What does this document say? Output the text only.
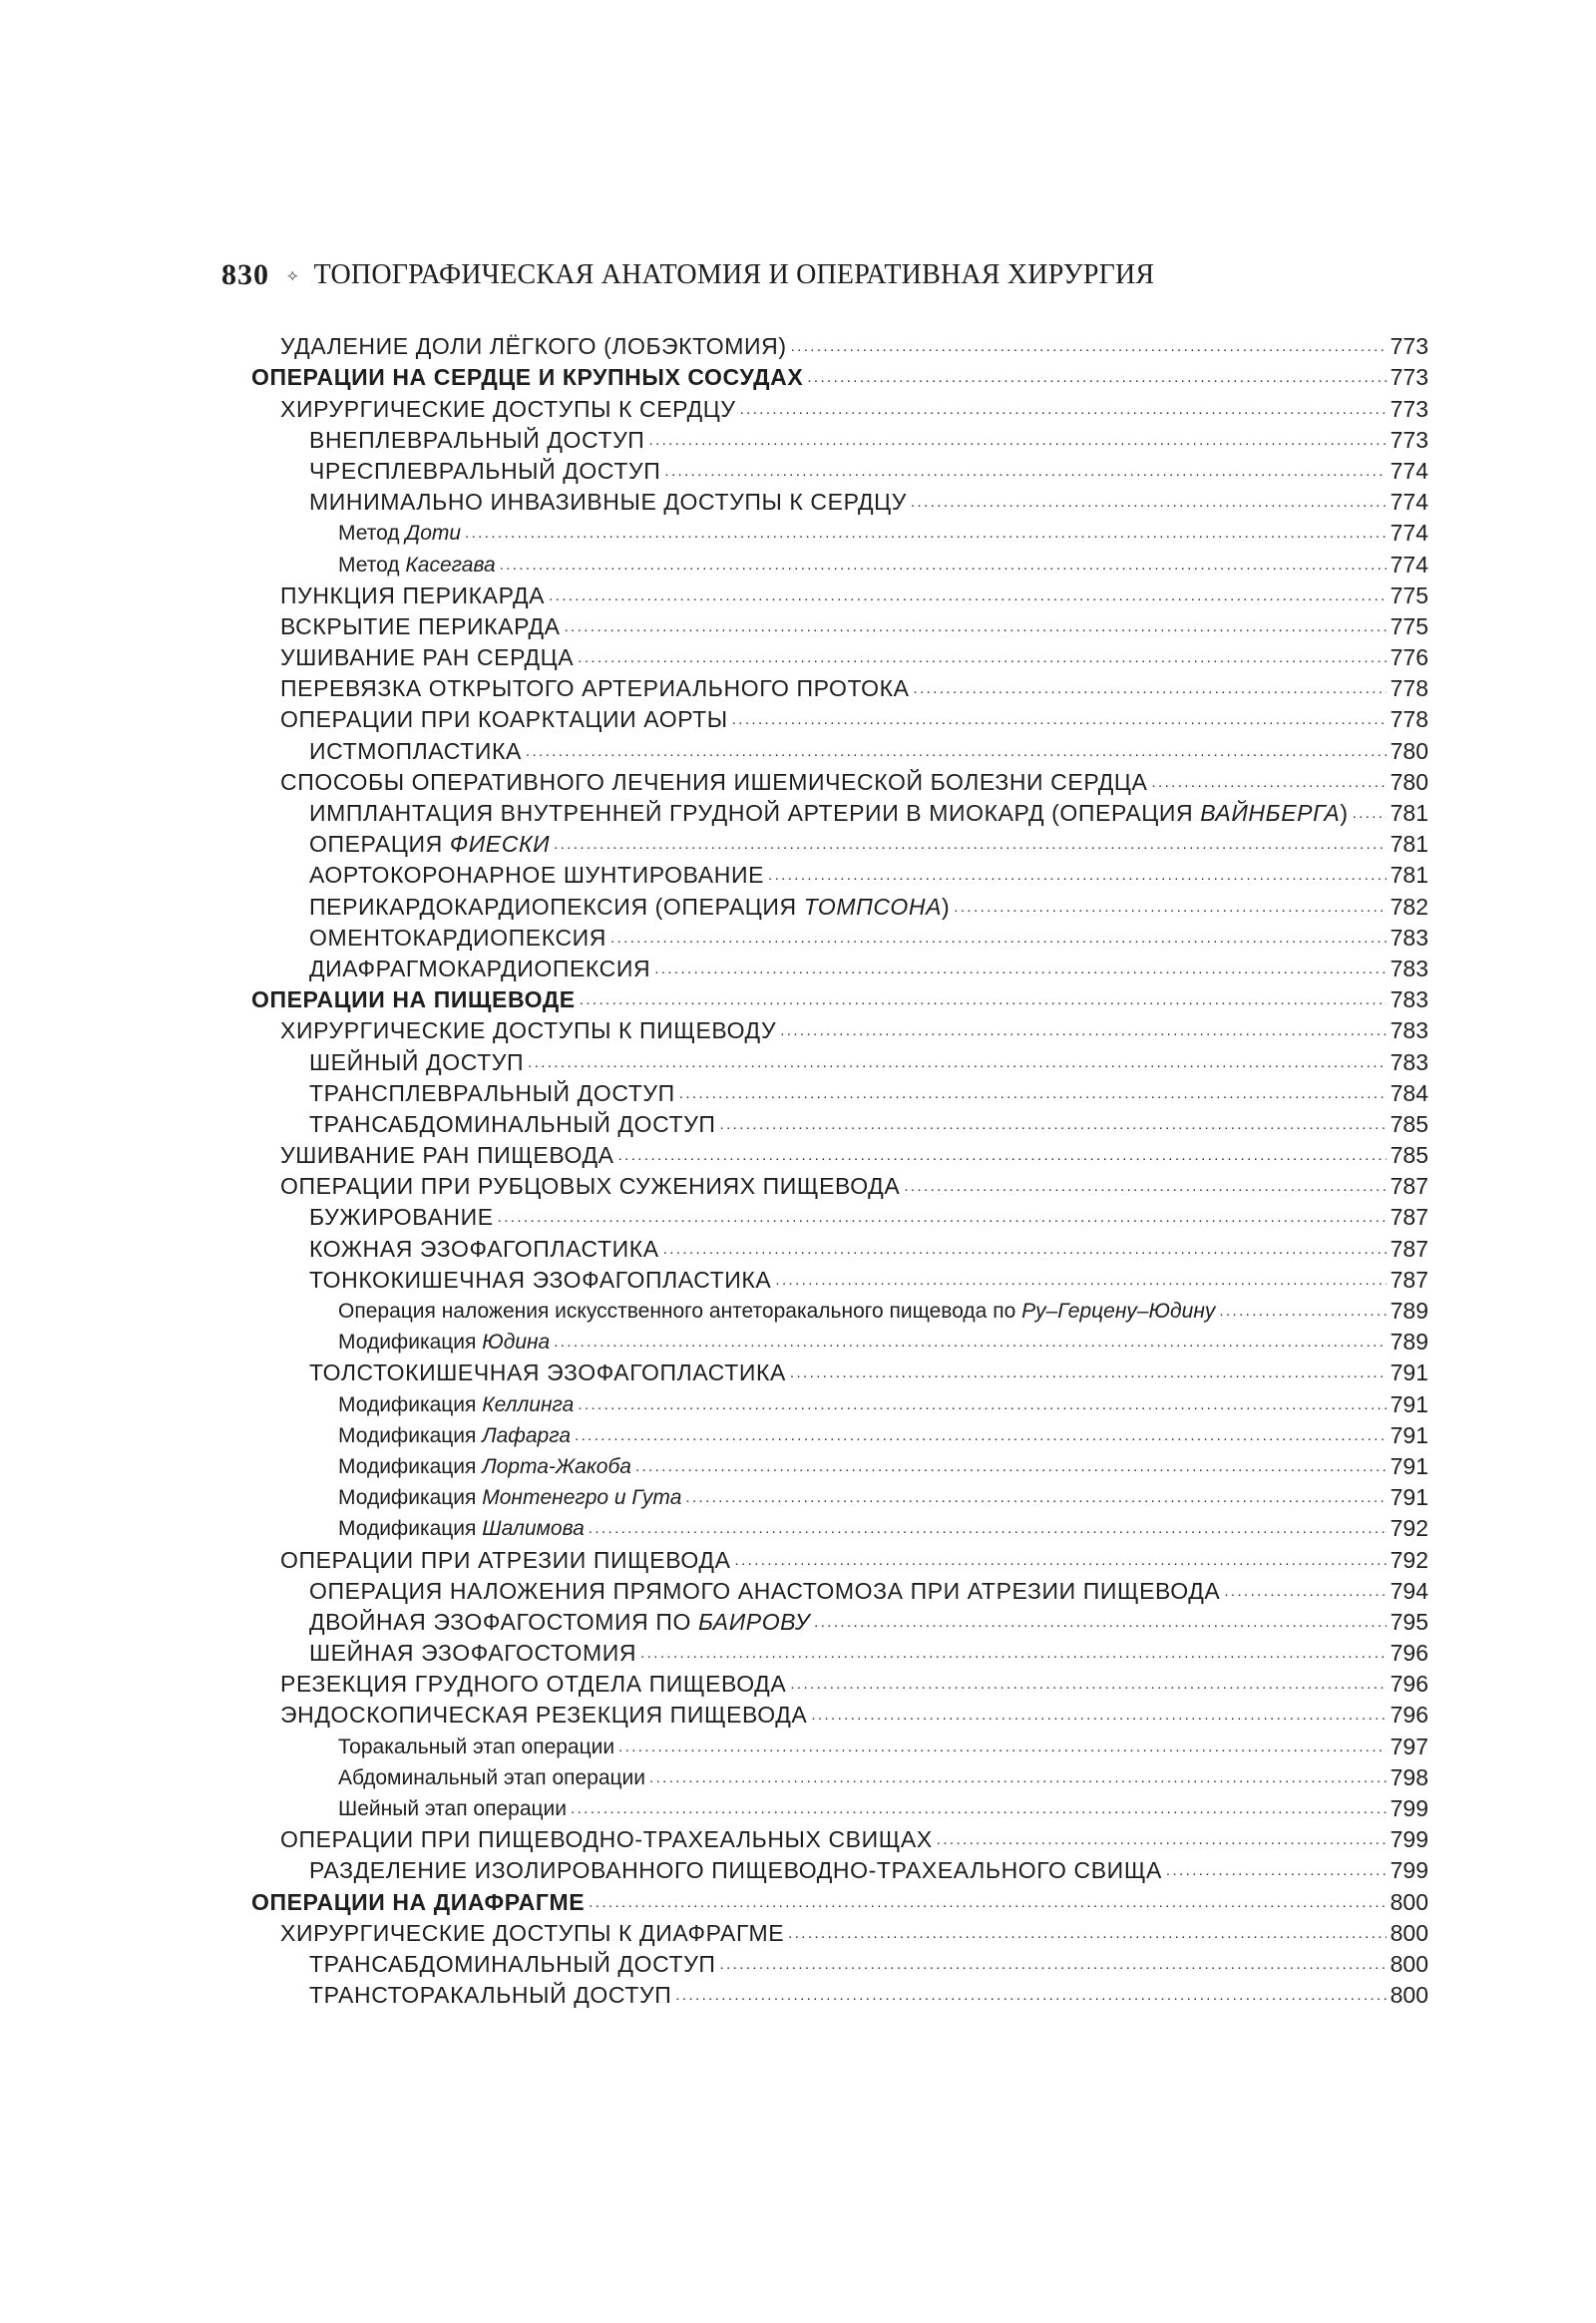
830 ⟡ ТОПОГРАФИЧЕСКАЯ АНАТОМИЯ И ОПЕРАТИВНАЯ ХИРУРГИЯ
УДАЛЕНИЕ ДОЛИ ЛЁГКОГО (ЛОБЭКТОМИЯ) .....	773
ОПЕРАЦИИ НА СЕРДЦЕ И КРУПНЫХ СОСУДАХ .....	773
ХИРУРГИЧЕСКИЕ ДОСТУПЫ К СЕРДЦУ .....	773
ВНЕПЛЕВРАЛЬНЫЙ ДОСТУП .....	773
ЧРЕСПЛЕВРАЛЬНЫЙ ДОСТУП .....	774
МИНИМАЛЬНО ИНВАЗИВНЫЕ ДОСТУПЫ К СЕРДЦУ .....	774
Метод Доти .....	774
Метод Касегава .....	774
ПУНКЦИЯ ПЕРИКАРДА .....	775
ВСКРЫТИЕ ПЕРИКАРДА .....	775
УШИВАНИЕ РАН СЕРДЦА .....	776
ПЕРЕВЯЗКА ОТКРЫТОГО АРТЕРИАЛЬНОГО ПРОТОКА .....	778
ОПЕРАЦИИ ПРИ КОАРКТАЦИИ АОРТЫ .....	778
ИСТМОПЛАСТИКА .....	780
СПОСОБЫ ОПЕРАТИВНОГО ЛЕЧЕНИЯ ИШЕМИЧЕСКОЙ БОЛЕЗНИ СЕРДЦА .....	780
ИМПЛАНТАЦИЯ ВНУТРЕННЕЙ ГРУДНОЙ АРТЕРИИ В МИОКАРД (ОПЕРАЦИЯ ВАЙНБЕРГА) ..... 781
ОПЕРАЦИЯ ФИЕСКИ .....	781
АОРТОКОРОНАРНОЕ ШУНТИРОВАНИЕ .....	781
ПЕРИКАРДОКАРДИОПЕКСИЯ (ОПЕРАЦИЯ ТОМПСОНА) .....	782
ОМЕНТОКАРДИОПЕКСИЯ .....	783
ДИАФРАГМОКАРДИОПЕКСИЯ .....	783
ОПЕРАЦИИ НА ПИЩЕВОДЕ .....	783
ХИРУРГИЧЕСКИЕ ДОСТУПЫ К ПИЩЕВОДУ .....	783
ШЕЙНЫЙ ДОСТУП .....	783
ТРАНСПЛЕВРАЛЬНЫЙ ДОСТУП .....	784
ТРАНСАБДОМИНАЛЬНЫЙ ДОСТУП .....	785
УШИВАНИЕ РАН ПИЩЕВОДА .....	785
ОПЕРАЦИИ ПРИ РУБЦОВЫХ СУЖЕНИЯХ ПИЩЕВОДА .....	787
БУЖИРОВАНИЕ .....	787
КОЖНАЯ ЭЗОФАГОПЛАСТИКА .....	787
ТОНКОКИШЕЧНАЯ ЭЗОФАГОПЛАСТИКА .....	787
Операция наложения искусственного антеторакального пищевода по Ру–Герцену–Юдину .....	789
Модификация Юдина .....	789
ТОЛСТОКИШЕЧНАЯ ЭЗОФАГОПЛАСТИКА .....	791
Модификация Келлинга .....	791
Модификация Лафарга .....	791
Модификация Лорта-Жакоба .....	791
Модификация Монтенегро и Гута .....	791
Модификация Шалимова .....	792
ОПЕРАЦИИ ПРИ АТРЕЗИИ ПИЩЕВОДА .....	792
ОПЕРАЦИЯ НАЛОЖЕНИЯ ПРЯМОГО АНАСТОМОЗА ПРИ АТРЕЗИИ ПИЩЕВОДА .....	794
ДВОЙНАЯ ЭЗОФАГОСТОМИЯ ПО БАИРОВУ .....	795
ШЕЙНАЯ ЭЗОФАГОСТОМИЯ .....	796
РЕЗЕКЦИЯ ГРУДНОГО ОТДЕЛА ПИЩЕВОДА .....	796
ЭНДОСКОПИЧЕСКАЯ РЕЗЕКЦИЯ ПИЩЕВОДА .....	796
Торакальный этап операции .....	797
Абдоминальный этап операции .....	798
Шейный этап операции .....	799
ОПЕРАЦИИ ПРИ ПИЩЕВОДНО-ТРАХЕАЛЬНЫХ СВИЩАХ .....	799
РАЗДЕЛЕНИЕ ИЗОЛИРОВАННОГО ПИЩЕВОДНО-ТРАХЕАЛЬНОГО СВИЩА .....	799
ОПЕРАЦИИ НА ДИАФРАГМЕ .....	800
ХИРУРГИЧЕСКИЕ ДОСТУПЫ К ДИАФРАГМЕ .....	800
ТРАНСАБДОМИНАЛЬНЫЙ ДОСТУП .....	800
ТРАНСТОРАКАЛЬНЫЙ ДОСТУП .....	800
